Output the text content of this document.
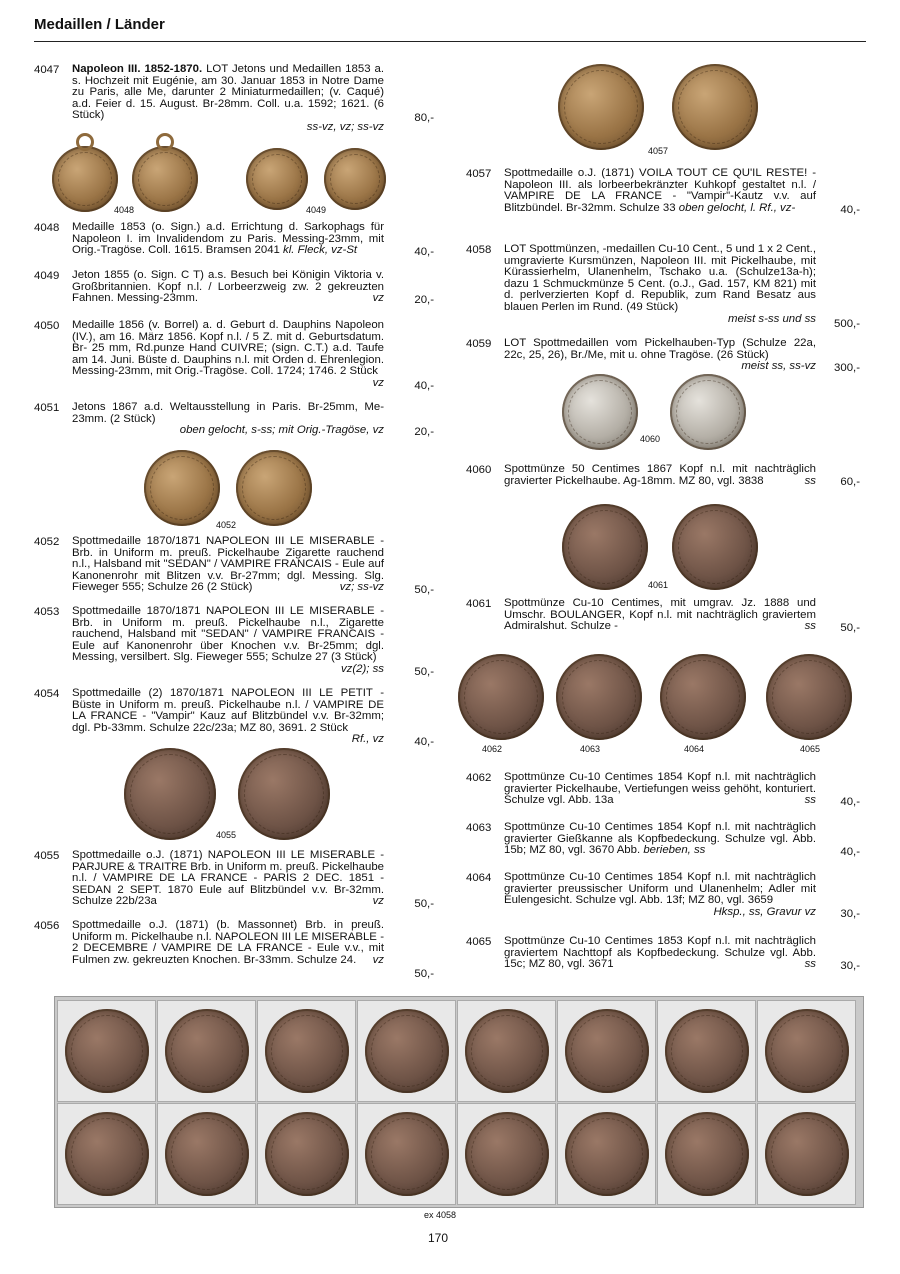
Medaillen / Länder
4047 Napoleon III. 1852-1870. LOT Jetons und Medaillen 1853 a. s. Hochzeit mit Eugénie, am 30. Januar 1853 in Notre Dame zu Paris, alle Me, darunter 2 Miniaturmedaillen; (v. Caqué) a.d. Feier d. 15. August. Br-28mm. Coll. u.a. 1592; 1621. (6 Stück)
ss-vz, vz; ss-vz
80,-
4048	4049
4048 Medaille 1853 (o. Sign.) a.d. Errichtung d. Sarkophags für Napoleon I. im Invalidendom zu Paris. Messing-23mm, mit Orig.-Tragöse. Coll. 1615. Bramsen 2041 kl. Fleck, vz-St	40,-
4049 Jeton 1855 (o. Sign. C T) a.s. Besuch bei Königin Viktoria v. Großbritannien. Kopf n.l. / Lorbeerzweig zw. 2 gekreuzten Fahnen. Messing-23mm.	vz	20,-
4050 Medaille 1856 (v. Borrel) a. d. Geburt d. Dauphins Napoleon (IV.), am 16. März 1856. Kopf n.l. / 5 Z. mit d. Geburtsdatum. Br- 25 mm, Rd.punze Hand CUIVRE; (sign. C.T.) a.d. Taufe am 14. Juni. Büste d. Dauphins n.l. mit Orden d. Ehrenlegion. Messing-23mm, mit Orig.-Tragöse. Coll. 1724; 1746. 2 Stück
vz	40,-
4051 Jetons 1867 a.d. Weltausstellung in Paris. Br-25mm, Me-23mm. (2 Stück)
oben gelocht, s-ss; mit Orig.-Tragöse, vz	20,-
4052
4052 Spottmedaille 1870/1871 NAPOLEON III LE MISERABLE - Brb. in Uniform m. preuß. Pickelhaube Zigarette rauchend n.l., Halsband mit "SEDAN" / VAMPIRE FRANCAIS - Eule auf Kanonenrohr mit Blitzen v.v. Br-27mm; dgl. Messing. Slg. Fieweger 555; Schulze 26 (2 Stück)	vz; ss-vz	50,-
4053 Spottmedaille 1870/1871 NAPOLEON III LE MISERABLE - Brb. in Uniform m. preuß. Pickelhaube n.l., Zigarette rauchend, Halsband mit "SEDAN" / VAMPIRE FRANCAIS - Eule auf Kanonenrohr über Knochen v.v. Br-25mm; dgl. Messing, versilbert. Slg. Fieweger 555; Schulze 27 (3 Stück)
vz(2); ss	50,-
4054 Spottmedaille (2) 1870/1871 NAPOLEON III LE PETIT - Büste in Uniform m. preuß. Pickelhaube n.l. / VAMPIRE DE LA FRANCE - "Vampir" Kauz auf Blitzbündel v.v. Br-32mm; dgl. Pb-33mm. Schulze 22c/23a; MZ 80, 3691. 2 Stück
Rf., vz	40,-
4055
4055 Spottmedaille o.J. (1871) NAPOLEON III LE MISERABLE - PARJURE & TRAITRE Brb. in Uniform m. preuß. Pickelhaube n.l. / VAMPIRE DE LA FRANCE - PARIS 2 DEC. 1851 - SEDAN 2 SEPT. 1870 Eule auf Blitzbündel v.v. Br-32mm. Schulze 22b/23a	vz	50,-
4056 Spottmedaille o.J. (1871) (b. Massonnet) Brb. in preuß. Uniform m. Pickelhaube n.l. NAPOLEON III LE MISERABLE - 2 DECEMBRE / VAMPIRE DE LA FRANCE - Eule v.v., mit Fulmen zw. gekreuzten Knochen. Br-33mm. Schulze 24. vz
50,-
4057
4057 Spottmedaille o.J. (1871) VOILA TOUT CE QU'IL RESTE! - Napoleon III. als lorbeerbekränzter Kuhkopf gestaltet n.l. / VAMPIRE DE LA FRANCE - "Vampir"-Kautz v.v. auf Blitzbündel. Br-32mm. Schulze 33 oben gelocht, l. Rf., vz-	40,-
4058 LOT Spottmünzen, -medaillen Cu-10 Cent., 5 und 1 x 2 Cent., umgravierte Kursmünzen, Napoleon III. mit Pickelhaube, mit Kürassierhelm, Ulanenhelm, Tschako u.a. (Schulze13a-h); dazu 1 Schmuckmünze 5 Cent. (o.J., Gad. 157, KM 821) mit d. perlverzierten Kopf d. Republik, zum Rand Besatz aus blauen Perlen im Rund. (49 Stück)
meist s-ss und ss	500,-
4059 LOT Spottmedaillen vom Pickelhauben-Typ (Schulze 22a, 22c, 25, 26), Br./Me, mit u. ohne Tragöse. (26 Stück)
meist ss, ss-vz	300,-
4060
4060 Spottmünze 50 Centimes 1867 Kopf n.l. mit nachträglich gravierter Pickelhaube. Ag-18mm. MZ 80, vgl. 3838	ss	60,-
4061
4061 Spottmünze Cu-10 Centimes, mit umgrav. Jz. 1888 und Umschr. BOULANGER, Kopf n.l. mit nachträglich graviertem Admiralshut. Schulze -	ss	50,-
4062	4063	4064	4065
4062 Spottmünze Cu-10 Centimes 1854 Kopf n.l. mit nachträglich gravierter Pickelhaube, Vertiefungen weiss gehöht, konturiert. Schulze vgl. Abb. 13a	ss	40,-
4063 Spottmünze Cu-10 Centimes 1854 Kopf n.l. mit nachträglich gravierter Gießkanne als Kopfbedeckung. Schulze vgl. Abb. 15b; MZ 80, vgl. 3670 Abb. berieben, ss	40,-
4064 Spottmünze Cu-10 Centimes 1854 Kopf n.l. mit nachträglich gravierter preussischer Uniform und Ulanenhelm; Adler mit Eulengesicht. Schulze vgl. Abb. 13f; MZ 80, vgl. 3659
Hksp., ss, Gravur vz	30,-
4065 Spottmünze Cu-10 Centimes 1853 Kopf n.l. mit nachträglich graviertem Nachttopf als Kopfbedeckung. Schulze vgl. Abb. 15c; MZ 80, vgl. 3671	ss	30,-
ex 4058
170
